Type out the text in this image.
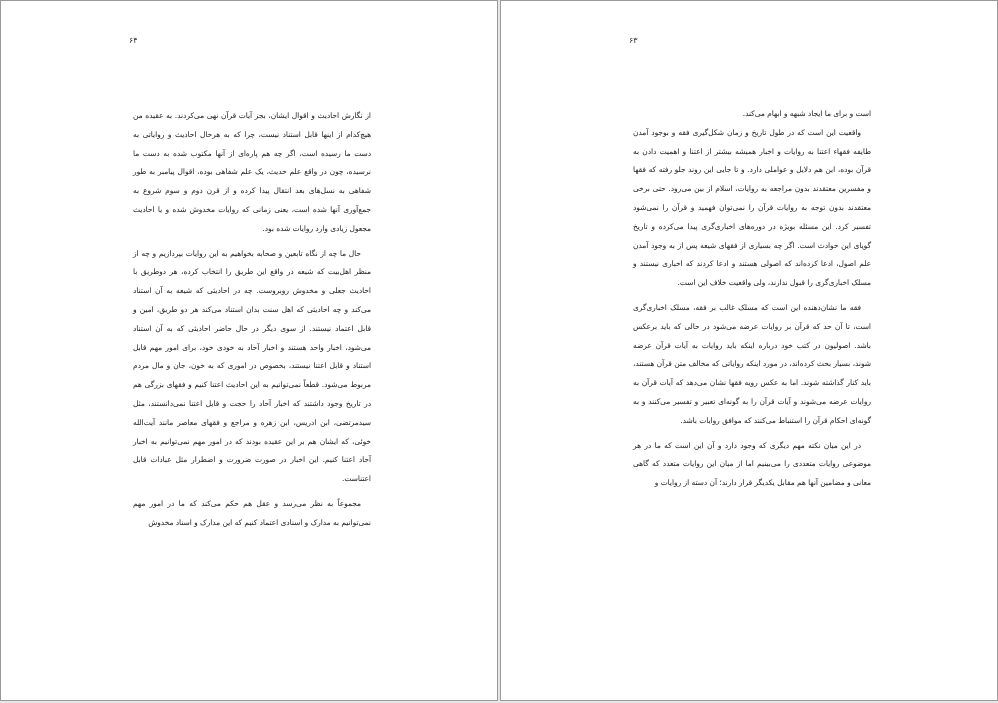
۶۴

از نگارش احادیث و اقوال ایشان، بجز آیات قرآن نهی می‌کردند. به عقیده من هیچ‌کدام از اینها قابل استناد نیست، چرا که به هرحال احادیث و روایاتی به دست ما رسیده است، اگر چه هم پاره‌ای از آنها مکتوب شده به دست ما نرسیده، چون در واقع علم حدیث، یک علم شفاهی بوده، اقوال پیامبر به طور شفاهی به نسل‌های بعد انتقال پیدا کرده و از قرن دوم و سوم شروع به جمع‌آوری آنها شده است، یعنی زمانی که روایات مخدوش شده و یا احادیث مجعول زیادی وارد روایات شده بود.

حال ما چه از نگاه تابعین و صحابه بخواهیم به این روایات بپردازیم و چه از منظر اهل‌بیت که شیعه در واقع این طریق را انتخاب کرده، هر دوطریق با احادیث جعلی و مخدوش روبروست. چه در احادیثی که شیعه به آن استناد می‌کند و چه احادیثی که اهل سنت بدان استناد می‌کند هر دو طریق، امین و قابل اعتماد نیستند. از سوی دیگر در حال حاضر احادیثی که به آن استناد می‌شود، اخبار واحد هستند و اخبار آحاد به خودی خود، برای امور مهم قابل استناد و قابل اعتنا نیستند، بخصوص در اموری که به خون، جان و مال مردم مربوط می‌شود. قطعاً نمی‌توانیم به این احادیث اعتنا کنیم و فقهای بزرگی هم در تاریخ وجود داشتند که اخبار آحاد را حجت و قابل اعتنا نمی‌دانستند، مثل سیدمرتضی، ابن ادریس، ابن زهره و مراجع و فقهای معاصر مانند آیت‌الله خوئی، که ایشان هم بر این عقیده بودند که در امور مهم نمی‌توانیم به اخبار آحاد اعتنا کنیم. این اخبار در صورت ضرورت و اضطرار مثل عبادات قابل اعتناست.

مجموعاً به نظر می‌رسد و عقل هم حکم می‌کند که ما در امور مهم نمی‌توانیم به مدارک و اسنادی اعتماد کنیم که این مدارک و اسناد مخدوش

۶۳

است و برای ما ایجاد شبهه و ابهام می‌کند.

واقعیت این است که در طول تاریخ و زمان شکل‌گیری فقه و بوجود آمدن طایفه فقهاء اعتنا به روایات و اخبار همیشه بیشتر از اعتنا و اهمیت دادن به قرآن بوده، این هم دلایل و عواملی دارد. و تا جایی این روند جلو رفته که فقها و مفسرین معتقدند بدون مراجعه به روایات، اسلام از بین می‌رود. حتی برخی معتقدند بدون توجه به روایات قرآن را نمی‌توان فهمید و قرآن را نمی‌شود تفسیر کرد. این مسئله بویژه در دوره‌های اخباری‌گری پیدا می‌کرده و تاریخ گویای این حوادث است. اگر چه بسیاری از فقهای شیعه پس از به وجود آمدن علم اصول، ادعا کرده‌اند که اصولی هستند و ادعا کردند که اخباری نیستند و مسلک اخباری‌گری را قبول ندارند، ولی واقعیت خلاف این است.

فقه ما نشان‌دهنده این است که مسلک غالب بر فقه، مسلک اخباری‌گری است، تا آن حد که قرآن بر روایات عرضه می‌شود در حالی که باید برعکس باشد. اصولیون در کتب خود درباره اینکه باید روایات به آیات قرآن عرضه شوند، بسیار بحث کرده‌اند، در مورد اینکه روایاتی که مخالف متن قرآن هستند، باید کنار گذاشته شوند. اما به عکس رویه فقها نشان می‌دهد که آیات قرآن به روایات عرضه می‌شوند و آیات قرآن را به گونه‌ای تعبیر و تفسیر می‌کنند و به گونه‌ای احکام قرآن را استنباط می‌کنند که موافق روایات باشد.

در این میان نکته مهم دیگری که وجود دارد و آن این است که ما در هر موضوعی روایات متعددی را می‌بینیم اما از میان این روایات متعدد که گاهی معانی و مضامین آنها هم مقابل یکدیگر قرار دارند؛ آن دسته از روایات و
